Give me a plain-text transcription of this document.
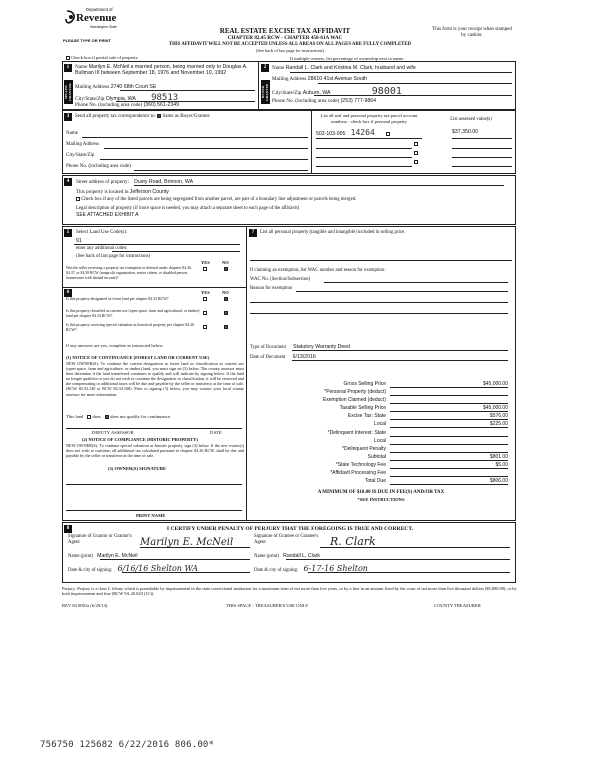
Department of
Revenue
Washington State
PLEASE TYPE OR PRINT
REAL ESTATE EXCISE TAX AFFIDAVIT
CHAPTER 82.45 RCW - CHAPTER 458-61A WAC
This form is your receipt when stamped by cashier.
THIS AFFIDAVIT WILL NOT BE ACCEPTED UNLESS ALL AREAS ON ALL PAGES ARE FULLY COMPLETED
(See back of last page for instructions)
Check box if partial sale of property	If multiple owners, list percentage of ownership next to name.
1
SELLER GRANTOR
Name Marilyn E. McNeil a married person, being married only to Douglas A. Bullman III between September 18, 1976 and November 10, 1992
Mailing Address 2740 68th Court SE
City/State/Zip Olympia, WA 98513
Phone No. (including area code) (360) 561-2349
2
BUYER GRANTEE
Name Randall L. Clark and Kristina M. Clark, husband and wife
Mailing Address 28610 41st Avenue South
City/State/Zip Auburn, WA	98001
Phone No. (including area code) (253) 777-9864
3	Send all property tax correspondence to: Same as Buyer/Grantee
Name
Mailing Address
City/State/Zip
Phone No. (including area code)
List all real and personal property tax parcel account numbers - check box if personal property	List assessed value(s)
502-103-005 14264	$37,350.00
4	Street address of property: Dusty Road, Brinnon, WA
This property is located in Jefferson County
Check box if any of the listed parcels are being segregated from another parcel, are part of a boundary line adjustment or parcels being merged.
Legal description of property (if more space is needed, you may attach a separate sheet to each page of the affidavit)
SEE ATTACHED EXHIBIT A
5	Select Land Use Code(s):
91
enter any additional codes:
(See back of last page for instructions)
YES	NO
Was the seller receiving a property tax exemption or deferral under chapters 84.36, 84.37, or 84.38 RCW (nonprofit organization, senior citizen, or disabled person, homeowner with limited income)?
6	YES	NO
Is this property designated as forest land per chapter 84.33 RCW?
Is this property classified as current use (open space, farm and agricultural, or timber) land per chapter 84.34 RCW?
Is this property receiving special valuation as historical property per chapter 84.26 RCW?
If any answers are yes, complete as instructed below.
(1) NOTICE OF CONTINUANCE (FOREST LAND OR CURRENT USE)
NEW OWNER(S): To continue the current designation as forest land or classification as current use (open space, farm and agriculture, or timber) land, you must sign on (3) below. The county assessor must then determine if the land transferred continues to qualify and will indicate by signing below. If the land no longer qualifies or you do not wish to continue the designation or classification, it will be removed and the compensating or additional taxes will be due and payable by the seller or transferor at the time of sale. (RCW 84.33.140 or RCW 84.34.108). Prior to signing (3) below, you may contact your local county assessor for more information.
This land does does not qualify for continuance.
DEPUTY ASSESSOR	DATE
(2) NOTICE OF COMPLIANCE (HISTORIC PROPERTY)
NEW OWNER(S): To continue special valuation as historic property, sign (3) below. If the new owner(s) does not wish to continue, all additional tax calculated pursuant to chapter 84.26 RCW, shall be due and payable by the seller or transferor at the time of sale.
(3) OWNER(S) SIGNATURE
PRINT NAME
7	List all personal property (tangible and intangible) included in selling price.
If claiming an exemption, list WAC number and reason for exemption:
WAC No. (Section/Subsection)
Reason for exemption
Type of Document Statutory Warranty Deed
Date of Document 6/13/2016
Gross Selling Price	$45,000.00
*Personal Property (deduct)
Exemption Claimed (deduct)
Taxable Selling Price	$45,000.00
Excise Tax: State	$576.00
Local	$225.00
*Delinquent Interest: State
Local
*Delinquent Penalty
Subtotal	$801.00
*State Technology Fee	$5.00
*Affidavit Processing Fee
Total Due	$806.00
A MINIMUM OF $10.00 IS DUE IN FEE(S) AND/OR TAX
*SEE INSTRUCTIONS
8	I CERTIFY UNDER PENALTY OF PERJURY THAT THE FOREGOING IS TRUE AND CORRECT.
Signature of Grantor or Grantor's Agent	Marilyn E. McNeil
Signature of Grantee or Grantee's Agent	R. Clark
Name (print) Marilyn E. McNeil	Name (print) Randall L. Clark
Date & city of signing: 6/16/16 Shelton WA	Date & city of signing: 6-17-16 Shelton
Perjury: Perjury is a class C felony which is punishable by imprisonment in the state correctional institution for a maximum term of not more than five years, or by a fine in an amount fixed by the court of not more than five thousand dollars ($5,000.00), or by both imprisonment and fine (RCW 9A.20.020 (1C)).
REV 84 0001a (6/29/14)	THIS SPACE - TREASURER'S USE ONLY	COUNTY TREASURER
756750 125682 6/22/2016 806.00*
